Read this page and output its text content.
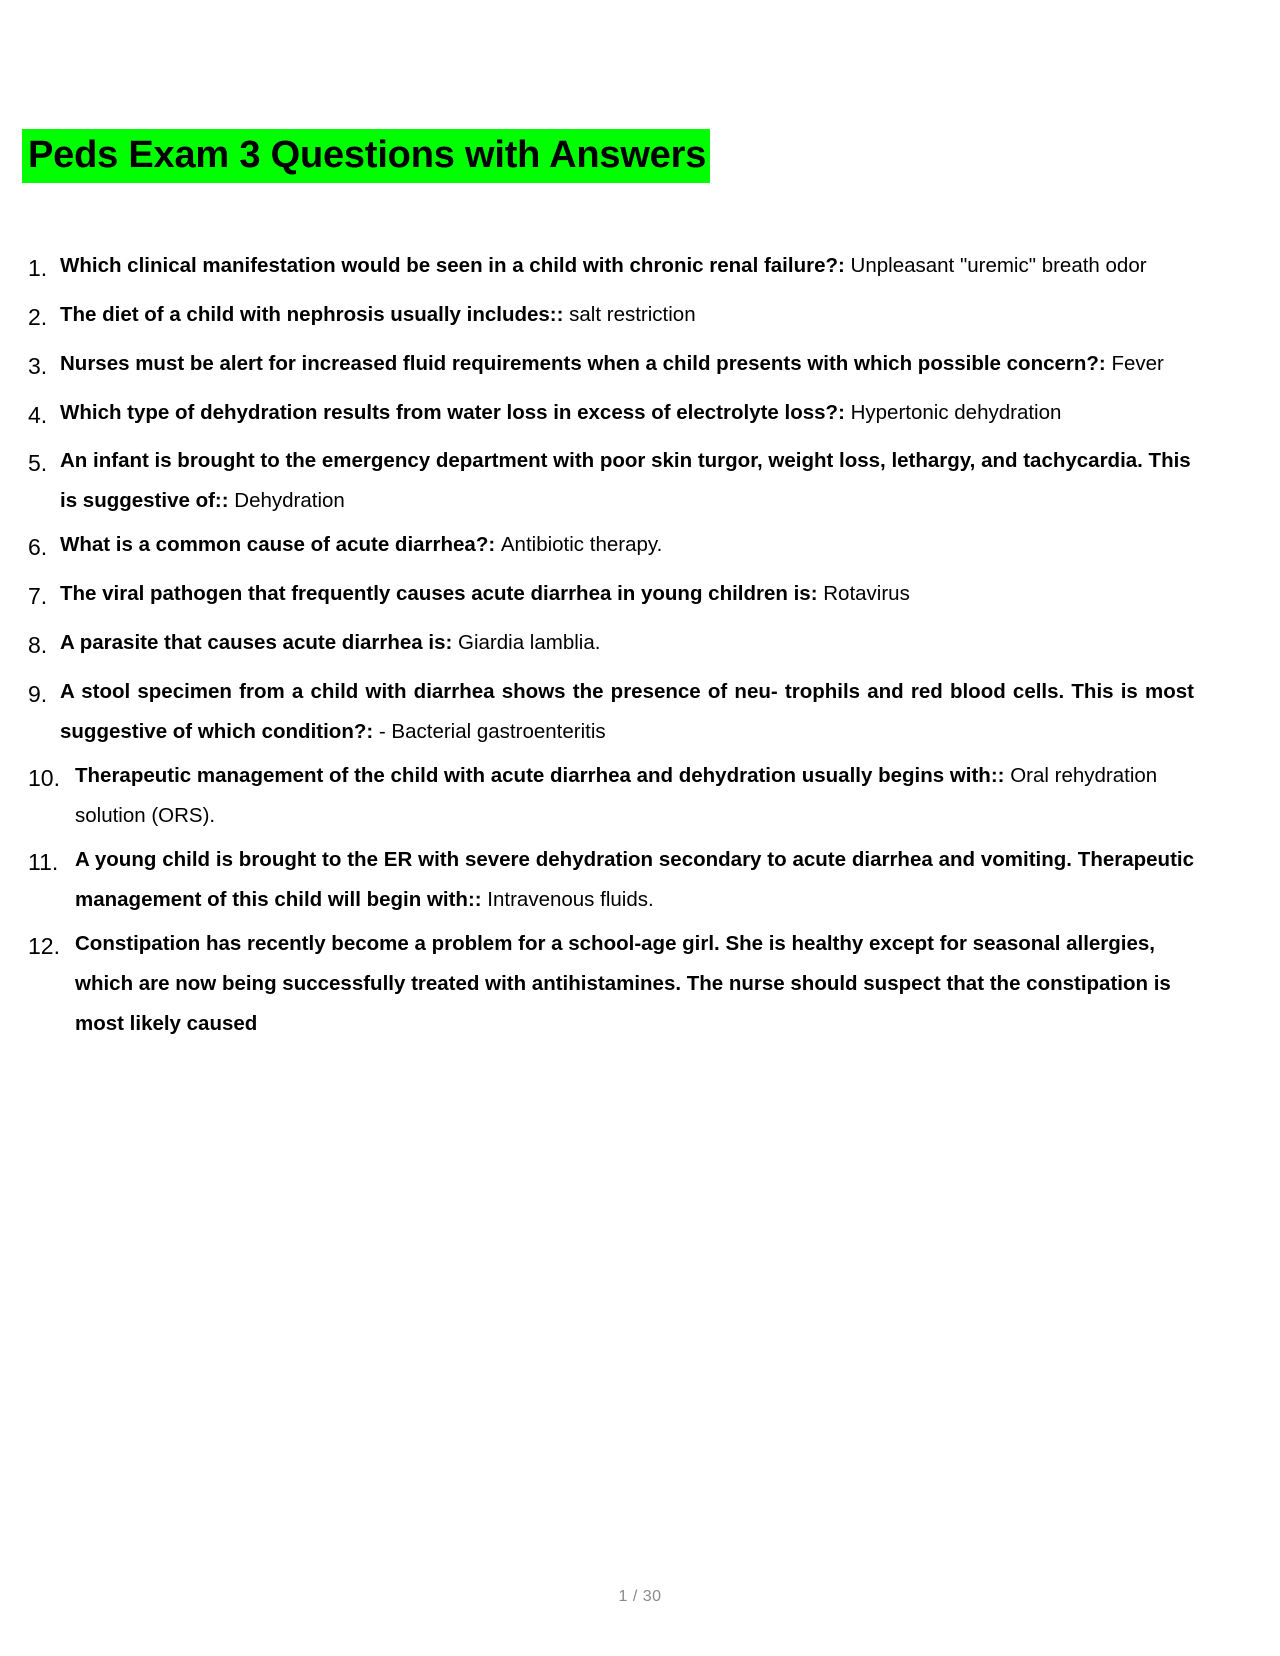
Peds Exam 3 Questions with Answers
1. Which clinical manifestation would be seen in a child with chronic renal failure?: Unpleasant "uremic" breath odor
2. The diet of a child with nephrosis usually includes:: salt restriction
3. Nurses must be alert for increased fluid requirements when a child presents with which possible concern?: Fever
4. Which type of dehydration results from water loss in excess of electrolyte loss?: Hypertonic dehydration
5. An infant is brought to the emergency department with poor skin turgor, weight loss, lethargy, and tachycardia. This is suggestive of:: Dehydration
6. What is a common cause of acute diarrhea?: Antibiotic therapy.
7. The viral pathogen that frequently causes acute diarrhea in young children is: Rotavirus
8. A parasite that causes acute diarrhea is: Giardia lamblia.
9. A stool specimen from a child with diarrhea shows the presence of neu- trophils and red blood cells. This is most suggestive of which condition?: - Bacterial gastroenteritis
10. Therapeutic management of the child with acute diarrhea and dehydration usually begins with:: Oral rehydration solution (ORS).
11. A young child is brought to the ER with severe dehydration secondary to acute diarrhea and vomiting. Therapeutic management of this child will begin with:: Intravenous fluids.
12. Constipation has recently become a problem for a school-age girl. She is healthy except for seasonal allergies, which are now being successfully treated with antihistamines. The nurse should suspect that the constipation is most likely caused
1 / 30
